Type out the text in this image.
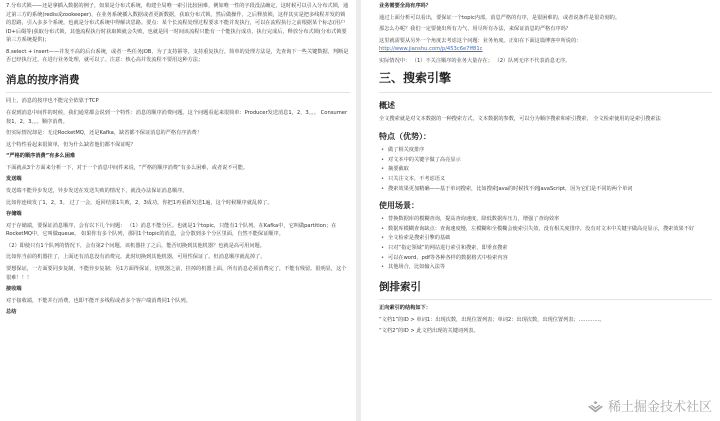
7.分布式锁——还是拿插入数据的例子，如果是分布式系统，构建全局唯一索引比较困难，例如唯一性的字段没法确定，这时候可以引入分布式锁，通过第三方的系统(redis或zookeeper)，在业务系统插入数据或者更新数据，获取分布式锁，然后做操作，之后释放锁，这样其实是把多线程并发的锁的思路，引入多多个系统，也就是分布式系统中得解决思路。要点：某个长流程处理过程要求不能并发执行，可以在流程执行之前根据某个标志(用户ID+后缀等)获取分布式锁，其他流程执行时获取锁就会失败，也就是同一时间该流程只能有一个能执行成功，执行完成后，释放分布式锁(分布式锁要第三方系统提供)；

8.select + insert——并发不高的后台系统，或者一些任务JOB，为了支持幂等，支持重复执行，简单的处理方法是，先查询下一些关键数据，判断是否已经执行过，在进行业务处理，就可以了。注意：核心高并发流程不要用这种方法；

消息的按序消费

同上，消息的按序也不能完全依靠于TCP

在说到消息中间件的时候，我们通常都会说到一个特性：消息的顺序消费问题。这个问题看起来很简单：Producer发送消息1，2，3。。。 Consumer按1，2，3。。。顺序消费。

但实际情况却是：无论RocketMQ，还是Kafka，缺省都不保证消息的严格有序消费！

这个特性看起来很简单，但为什么缺省他们都不保证呢？

“严格的顺序消费”有多么困难

下面就从3个方面来分析一下，对于一个消息中间件来说，“严格的顺序消费”有多么困难，或者说不可能。

发送端

发送端不能异步发送，异步发送在发送失败的情况下，就没办法保证消息顺序。

比如你连续发了1，2，3。 过了一会，返回结果1失败，2，3成功。你把1再重新发送1遍，这个时候顺序就乱掉了。

存储端

对于存储端，要保证消息顺序，会有以下几个问题： （1）消息不能分区。也就是1个topic，只能有1个队列。在Kafka中，它叫做partition；在RocketMQ中，它叫做queue。 如果你有多个队列，那同1个topic的消息，会分散到多个分区里面，自然不能保证顺序。

（2）即使只有1个队列的情况下，会有第2个问题。该机器挂了之后，能否切换到其他机器？也就是高可用问题。

比如你当前的机器挂了，上面还有消息没有消费完。此时切换到其他机器，可用性保证了。但消息顺序就乱掉了。

要想保证，一方面要同步复制，不能异步复制；另1方面得保证，切机器之前，挂掉的机器上面，所有消息必须消费完了，不能有残留。很明显，这个很难！！！

接收端

对于接收端，不能并行消费，也即不能开多线程或者多个客户端消费同1个队列。

总结

业务需要全局有序吗？

通过上面分析可以看出，要保证一个topic内部，消息严格的有序，是很困难的，或者说条件是很苛刻的。

那怎么办呢？我们一定要使出所有力气、用尽所有办法，来保证消息的严格有序吗？

这里就需要从另外一个角度去考虑这个问题：业务角度。正如在下面这篇博客中所说的：

http://www.jianshu.com/p/453c6e7ff81c

实际情况中： （1）不关注顺序的业务大量存在； （2）队列无序不代表消息无序。

三、搜索引擎
概述

全文搜索就是对文本数据的一种搜索方式，文本数据的参数，可以分为顺序搜索和索引搜索， 全文检索使用的是索引搜索法

特点（优势）：
• 做了相关度排序
• 对文本中的关键字做了高亮显示
• 摘要截取
• 只关注文本，不考虑语义
• 搜索效果更加精确——基于单词搜索，比如搜索Java的时候找不到JavaScript，因为它们是不同的两个单词
使用场景：
• 替换数据库的模糊查询，提高查询速度，降低数据库压力，增强了查询效率
• 数据库模糊查询缺点：查询速度慢，左模糊和全模糊会使索引失效，没有相关度排序，没有对文本中关键字做高亮显示，搜索效果不好
• 全文检索是搜索引擎的基础
• 只对“指定领域”的网站进行索引和搜索，即垂直搜索
• 可以在word、pdf等各种各样的数据格式中检索内容
• 其他场合，比如输入法等
倒排索引

正向索引的结构如下：

“文档1”的ID > 单词1：出现次数，出现位置列表；单词2：出现次数，出现位置列表；…………。

“文档2”的ID > 此文档出现的关键词列表。

稀土掘金技术社区
